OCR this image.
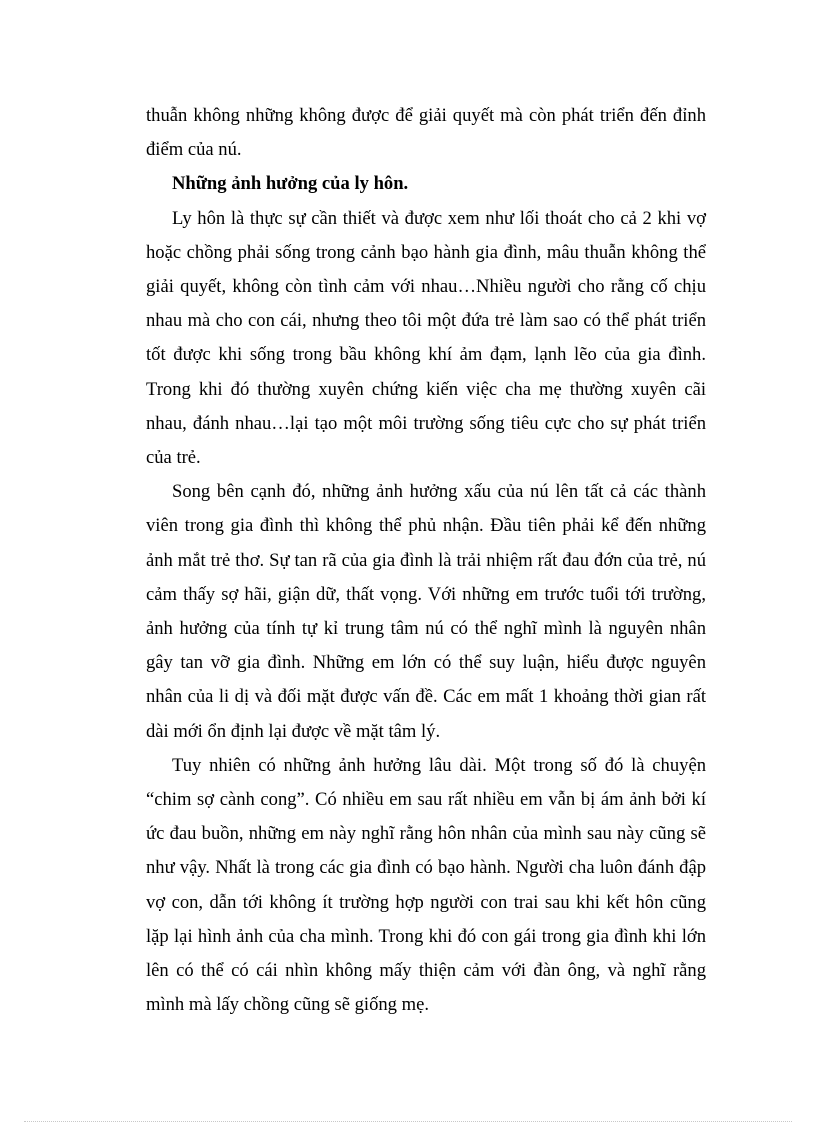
thuẫn không những không được để giải quyết mà còn phát triển đến đỉnh điểm của nú.

Những ảnh hưởng của ly hôn.

Ly hôn là thực sự cần thiết và được xem như lối thoát cho cả 2 khi vợ hoặc chồng phải sống trong cảnh bạo hành gia đình, mâu thuẫn không thể giải quyết, không còn tình cảm với nhau…Nhiều người cho rằng cố chịu nhau mà cho con cái, nhưng theo tôi một đứa trẻ làm sao có thể phát triển tốt được khi sống trong bầu không khí ảm đạm, lạnh lẽo của gia đình. Trong khi đó thường xuyên chứng kiến việc cha mẹ thường xuyên cãi nhau, đánh nhau…lại tạo một môi trường sống tiêu cực cho sự phát triển của trẻ.

Song bên cạnh đó, những ảnh hưởng xấu của nú lên tất cả các thành viên trong gia đình thì không thể phủ nhận. Đầu tiên phải kể đến những ảnh mắt trẻ thơ. Sự tan rã của gia đình là trải nhiệm rất đau đớn của trẻ, nú cảm thấy sợ hãi, giận dữ, thất vọng. Với những em trước tuổi tới trường, ảnh hưởng của tính tự kỉ trung tâm nú có thể nghĩ mình là nguyên nhân gây tan vỡ gia đình. Những em lớn có thể suy luận, hiểu được nguyên nhân của li dị và đối mặt được vấn đề. Các em mất 1 khoảng thời gian rất dài mới ổn định lại được về mặt tâm lý.

Tuy nhiên có những ảnh hưởng lâu dài. Một trong số đó là chuyện “chim sợ cành cong”. Có nhiều em sau rất nhiều em vẫn bị ám ảnh bởi kí ức đau buồn, những em này nghĩ rằng hôn nhân của mình sau này cũng sẽ như vậy. Nhất là trong các gia đình có bạo hành. Người cha luôn đánh đập vợ con, dẫn tới không ít trường hợp người con trai sau khi kết hôn cũng lặp lại hình ảnh của cha mình. Trong khi đó con gái trong gia đình khi lớn lên có thể có cái nhìn không mấy thiện cảm với đàn ông, và nghĩ rằng mình mà lấy chồng cũng sẽ giống mẹ.
